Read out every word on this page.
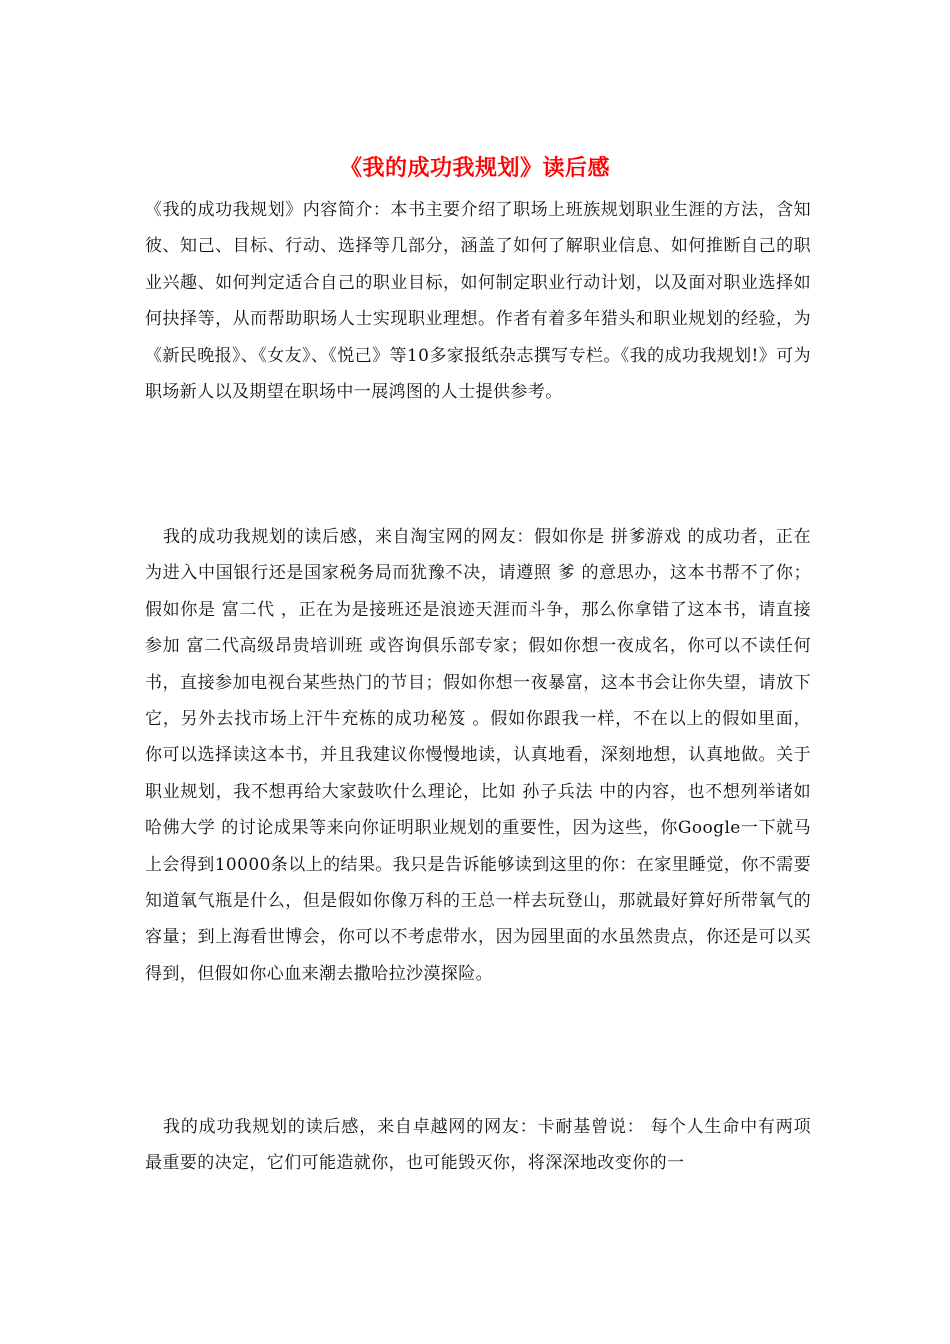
《我的成功我规划》读后感
《我的成功我规划》内容简介：本书主要介绍了职场上班族规划职业生涯的方法，含知彼、知己、目标、行动、选择等几部分，涵盖了如何了解职业信息、如何推断自己的职业兴趣、如何判定适合自己的职业目标，如何制定职业行动计划，以及面对职业选择如何抉择等，从而帮助职场人士实现职业理想。作者有着多年猎头和职业规划的经验，为《新民晚报》、《女友》、《悦己》等10多家报纸杂志撰写专栏。《我的成功我规划!》可为职场新人以及期望在职场中一展鸿图的人士提供参考。
我的成功我规划的读后感，来自淘宝网的网友：假如你是 拼爹游戏 的成功者，正在为进入中国银行还是国家税务局而犹豫不决，请遵照 爹 的意思办，这本书帮不了你；假如你是 富二代 ，正在为是接班还是浪迹天涯而斗争，那么你拿错了这本书，请直接参加 富二代高级昂贵培训班 或咨询俱乐部专家；假如你想一夜成名，你可以不读任何书，直接参加电视台某些热门的节目；假如你想一夜暴富，这本书会让你失望，请放下它，另外去找市场上汗牛充栋的成功秘笈 。假如你跟我一样，不在以上的假如里面，你可以选择读这本书，并且我建议你慢慢地读，认真地看，深刻地想，认真地做。关于职业规划，我不想再给大家鼓吹什么理论，比如 孙子兵法 中的内容，也不想列举诸如 哈佛大学 的讨论成果等来向你证明职业规划的重要性，因为这些，你Google一下就马上会得到10000条以上的结果。我只是告诉能够读到这里的你：在家里睡觉，你不需要知道氧气瓶是什么，但是假如你像万科的王总一样去玩登山，那就最好算好所带氧气的容量；到上海看世博会，你可以不考虑带水，因为园里面的水虽然贵点，你还是可以买得到，但假如你心血来潮去撒哈拉沙漠探险。
我的成功我规划的读后感，来自卓越网的网友：卡耐基曾说： 每个人生命中有两项最重要的决定，它们可能造就你，也可能毁灭你，将深深地改变你的一
